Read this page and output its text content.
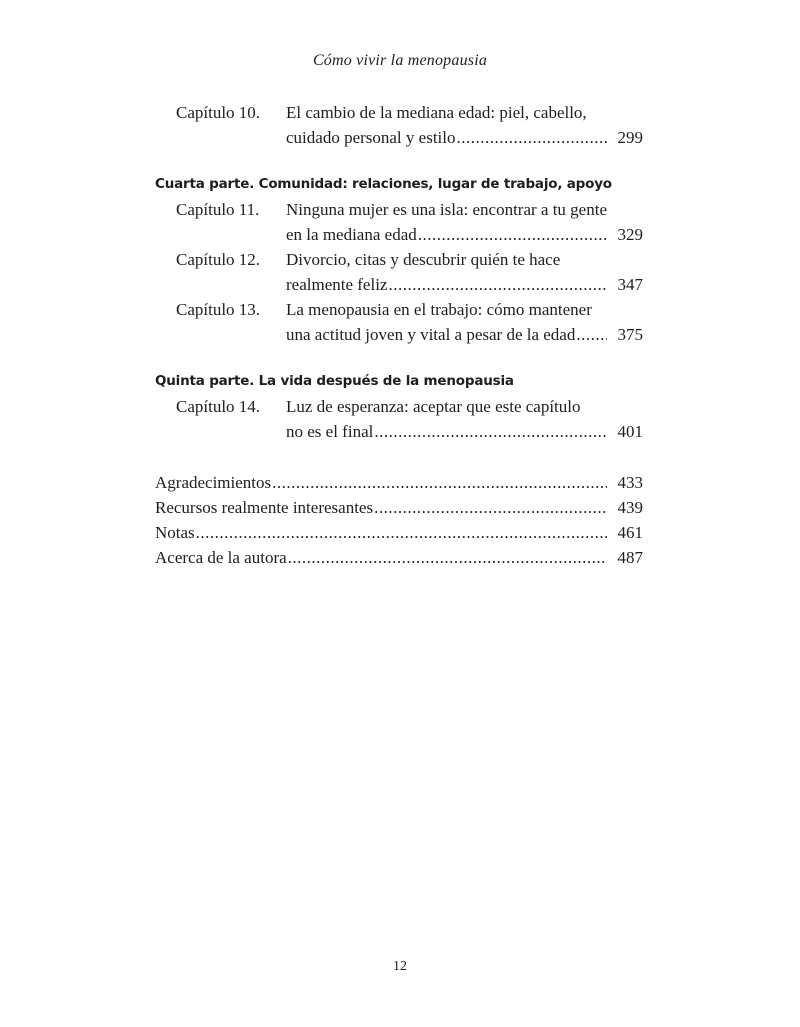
Cómo vivir la menopausia
Capítulo 10.	El cambio de la mediana edad: piel, cabello,
cuidado personal y estilo .....	299
Cuarta parte. Comunidad: relaciones, lugar de trabajo, apoyo
Capítulo 11.	Ninguna mujer es una isla: encontrar a tu gente
en la mediana edad .....	329
Capítulo 12.	Divorcio, citas y descubrir quién te hace
realmente feliz .....	347
Capítulo 13.	La menopausia en el trabajo: cómo mantener
una actitud joven y vital a pesar de la edad .....	375
Quinta parte. La vida después de la menopausia
Capítulo 14.	Luz de esperanza: aceptar que este capítulo
no es el final .....	401
Agradecimientos .....	433
Recursos realmente interesantes .....	439
Notas .....	461
Acerca de la autora .....	487
12
